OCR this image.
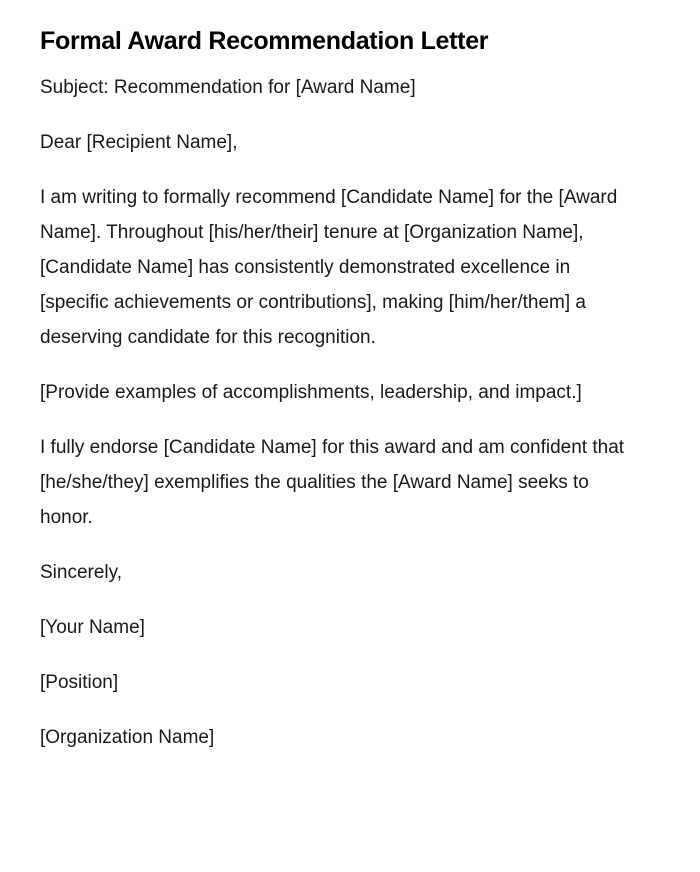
Formal Award Recommendation Letter

Subject: Recommendation for [Award Name]

Dear [Recipient Name],

I am writing to formally recommend [Candidate Name] for the [Award Name]. Throughout [his/her/their] tenure at [Organization Name], [Candidate Name] has consistently demonstrated excellence in [specific achievements or contributions], making [him/her/them] a deserving candidate for this recognition.

[Provide examples of accomplishments, leadership, and impact.]

I fully endorse [Candidate Name] for this award and am confident that [he/she/they] exemplifies the qualities the [Award Name] seeks to honor.

Sincerely,

[Your Name]

[Position]

[Organization Name]
